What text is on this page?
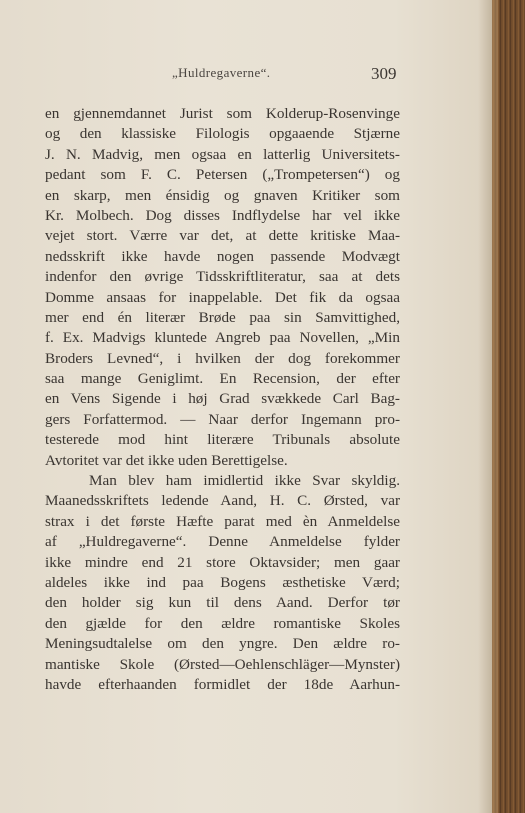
„Huldregaverne“.	309
en gjennemdannet Jurist som Kolderup-Rosenvinge
og den klassiske Filologis opgaaende Stjærne
J. N. Madvig, men ogsaa en latterlig Universitets-
pedant som F. C. Petersen („Trompetersen“) og
en skarp, men énsidig og gnaven Kritiker som
Kr. Molbech. Dog disses Indflydelse har vel ikke
vejet stort. Værre var det, at dette kritiske Maa-
nedsskrift ikke havde nogen passende Modvægt
indenfor den øvrige Tidsskriftliteratur, saa at dets
Domme ansaas for inappelable. Det fik da ogsaa
mer end én literær Brøde paa sin Samvittighed,
f. Ex. Madvigs kluntede Angreb paa Novellen, „Min
Broders Levned“, i hvilken der dog forekommer
saa mange Geniglimt. En Recension, der efter
en Vens Sigende i høj Grad svækkede Carl Bag-
gers Forfattermod. — Naar derfor Ingemann pro-
testerede mod hint literære Tribunals absolute
Avtoritet var det ikke uden Berettigelse.
Man blev ham imidlertid ikke Svar skyldig.
Maanedsskriftets ledende Aand, H. C. Ørsted, var
strax i det første Hæfte parat med èn Anmeldelse
af „Huldregaverne“. Denne Anmeldelse fylder
ikke mindre end 21 store Oktavsider; men gaar
aldeles ikke ind paa Bogens æsthetiske Værd;
den holder sig kun til dens Aand. Derfor tør
den gjælde for den ældre romantiske Skoles
Meningsudtalelse om den yngre. Den ældre ro-
mantiske Skole (Ørsted—Oehlenschläger—Mynster)
havde efterhaanden formidlet der 18de Aarhun-
